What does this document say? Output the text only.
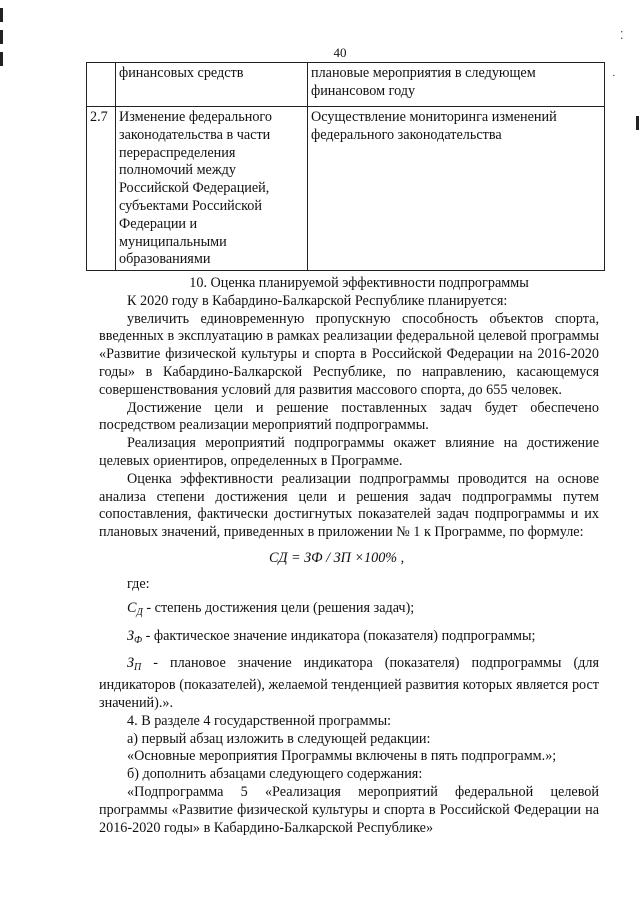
⁚
·
40
	финансовых средств	плановые мероприятия в следующем финансовом году
2.7	Изменение федерального законодательства в части перераспределения полномочий между Российской Федерацией, субъектами Российской Федерации и муниципальными образованиями	Осуществление мониторинга изменений федерального законодательства

10. Оценка планируемой эффективности подпрограммы

К 2020 году в Кабардино-Балкарской Республике планируется:

увеличить единовременную пропускную способность объектов спорта, введенных в эксплуатацию в рамках реализации федеральной целевой программы «Развитие физической культуры и спорта в Российской Федерации на 2016-2020 годы» в Кабардино-Балкарской Республике, по направлению, касающемуся совершенствования условий для развития массового спорта, до 655 человек.

Достижение цели и решение поставленных задач будет обеспечено посредством реализации мероприятий подпрограммы.

Реализация мероприятий подпрограммы окажет влияние на достижение целевых ориентиров, определенных в Программе.

Оценка эффективности реализации подпрограммы проводится на основе анализа степени достижения цели и решения задач подпрограммы путем сопоставления, фактически достигнутых показателей задач подпрограммы и их плановых значений, приведенных в приложении № 1 к Программе, по формуле:

СД = ЗФ / ЗП ×100% ,

где:

$С_Д$ - степень достижения цели (решения задач);

$З_Ф$ - фактическое значение индикатора (показателя) подпрограммы;

$З_П$ - плановое значение индикатора (показателя) подпрограммы (для индикаторов (показателей), желаемой тенденцией развития которых является рост значений).».

4. В разделе 4 государственной программы:

а) первый абзац изложить в следующей редакции:

«Основные мероприятия Программы включены в пять подпрограмм.»;

б) дополнить абзацами следующего содержания:

«Подпрограмма 5 «Реализация мероприятий федеральной целевой программы «Развитие физической культуры и спорта в Российской Федерации на 2016-2020 годы» в Кабардино-Балкарской Республике»
